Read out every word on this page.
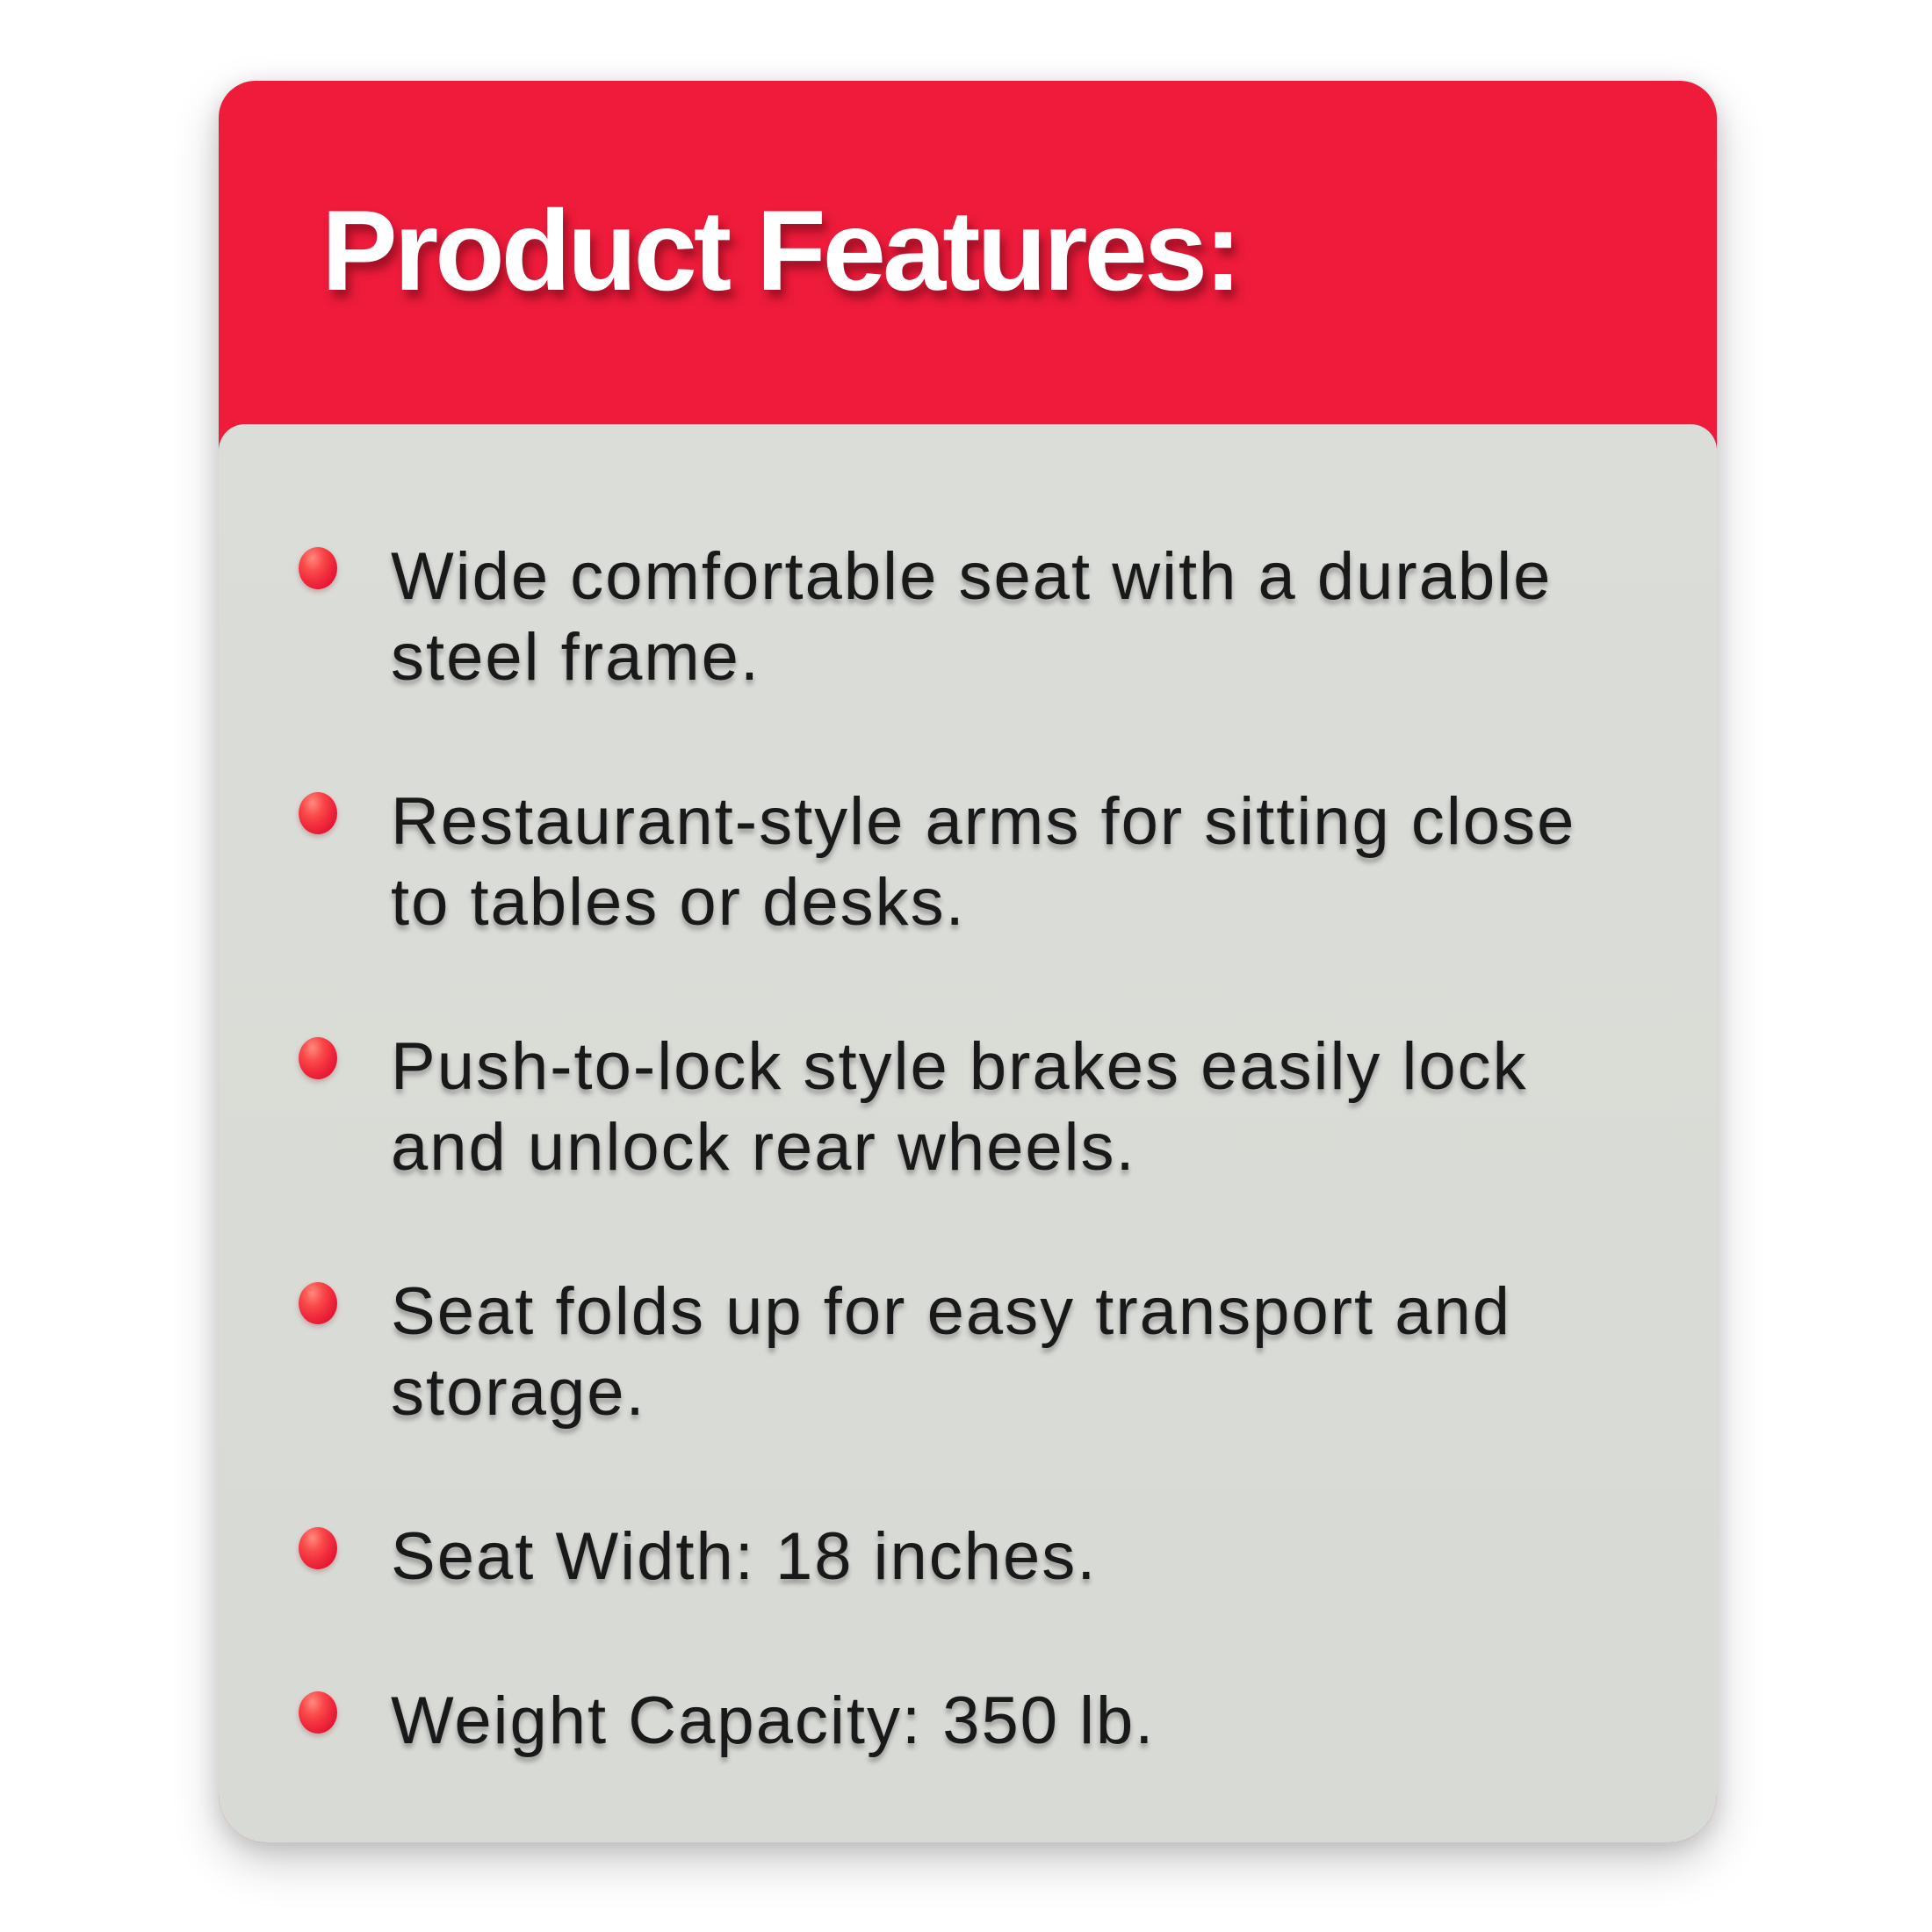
Product Features:
Wide comfortable seat with a durable steel frame.
Restaurant-style arms for sitting close to tables or desks.
Push-to-lock style brakes easily lock and unlock rear wheels.
Seat folds up for easy transport and storage.
Seat Width: 18 inches.
Weight Capacity: 350 lb.
